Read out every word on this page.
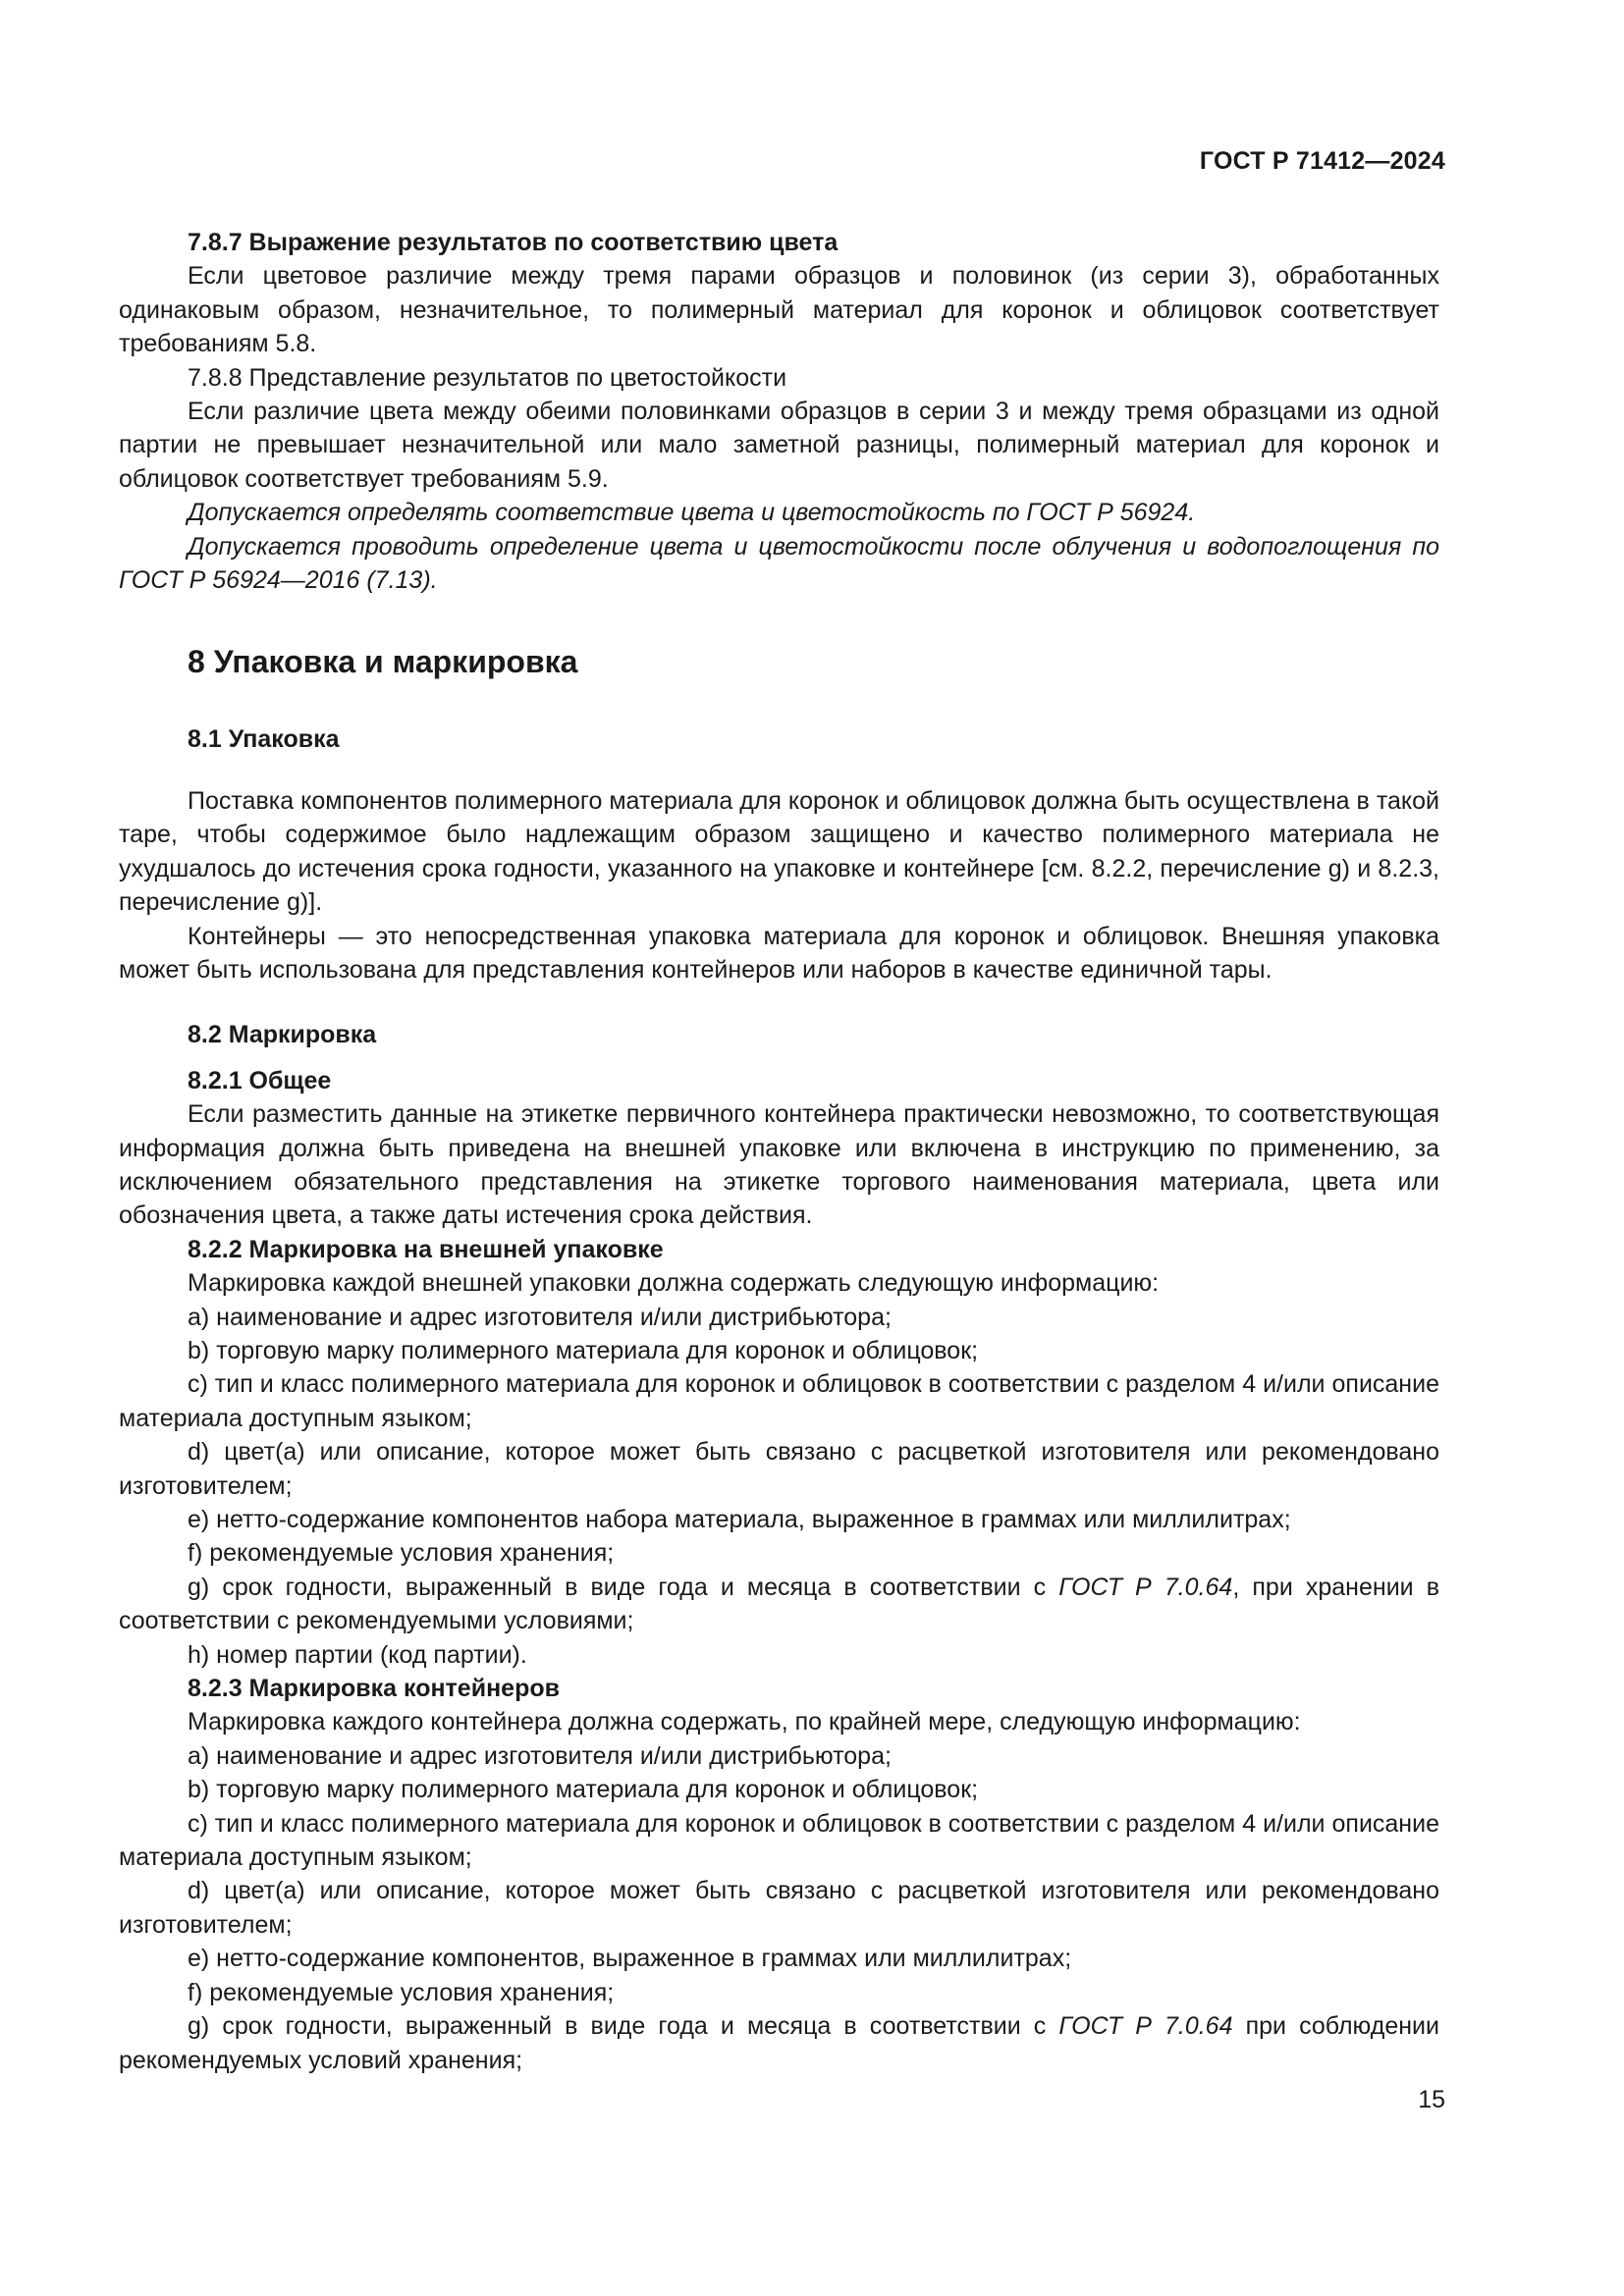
ГОСТ Р 71412—2024

7.8.7 Выражение результатов по соответствию цвета

Если цветовое различие между тремя парами образцов и половинок (из серии 3), обработанных одинаковым образом, незначительное, то полимерный материал для коронок и облицовок соответствует требованиям 5.8.

7.8.8 Представление результатов по цветостойкости

Если различие цвета между обеими половинками образцов в серии 3 и между тремя образцами из одной партии не превышает незначительной или мало заметной разницы, полимерный материал для коронок и облицовок соответствует требованиям 5.9.

Допускается определять соответствие цвета и цветостойкость по ГОСТ Р 56924.

Допускается проводить определение цвета и цветостойкости после облучения и водопоглощения по ГОСТ Р 56924—2016 (7.13).

8 Упаковка и маркировка

8.1 Упаковка

Поставка компонентов полимерного материала для коронок и облицовок должна быть осуществлена в такой таре, чтобы содержимое было надлежащим образом защищено и качество полимерного материала не ухудшалось до истечения срока годности, указанного на упаковке и контейнере [см. 8.2.2, перечисление g) и 8.2.3, перечисление g)].

Контейнеры — это непосредственная упаковка материала для коронок и облицовок. Внешняя упаковка может быть использована для представления контейнеров или наборов в качестве единичной тары.

8.2 Маркировка

8.2.1 Общее

Если разместить данные на этикетке первичного контейнера практически невозможно, то соответствующая информация должна быть приведена на внешней упаковке или включена в инструкцию по применению, за исключением обязательного представления на этикетке торгового наименования материала, цвета или обозначения цвета, а также даты истечения срока действия.

8.2.2 Маркировка на внешней упаковке

Маркировка каждой внешней упаковки должна содержать следующую информацию:

а) наименование и адрес изготовителя и/или дистрибьютора;

b) торговую марку полимерного материала для коронок и облицовок;

с) тип и класс полимерного материала для коронок и облицовок в соответствии с разделом 4 и/или описание материала доступным языком;

d) цвет(а) или описание, которое может быть связано с расцветкой изготовителя или рекомендовано изготовителем;

е) нетто-содержание компонентов набора материала, выраженное в граммах или миллилитрах;

f) рекомендуемые условия хранения;

g) срок годности, выраженный в виде года и месяца в соответствии с ГОСТ Р 7.0.64, при хранении в соответствии с рекомендуемыми условиями;

h) номер партии (код партии).

8.2.3 Маркировка контейнеров

Маркировка каждого контейнера должна содержать, по крайней мере, следующую информацию:

а) наименование и адрес изготовителя и/или дистрибьютора;

b) торговую марку полимерного материала для коронок и облицовок;

с) тип и класс полимерного материала для коронок и облицовок в соответствии с разделом 4 и/или описание материала доступным языком;

d) цвет(а) или описание, которое может быть связано с расцветкой изготовителя или рекомендовано изготовителем;

е) нетто-содержание компонентов, выраженное в граммах или миллилитрах;

f) рекомендуемые условия хранения;

g) срок годности, выраженный в виде года и месяца в соответствии с ГОСТ Р 7.0.64 при соблюдении рекомендуемых условий хранения;

15
